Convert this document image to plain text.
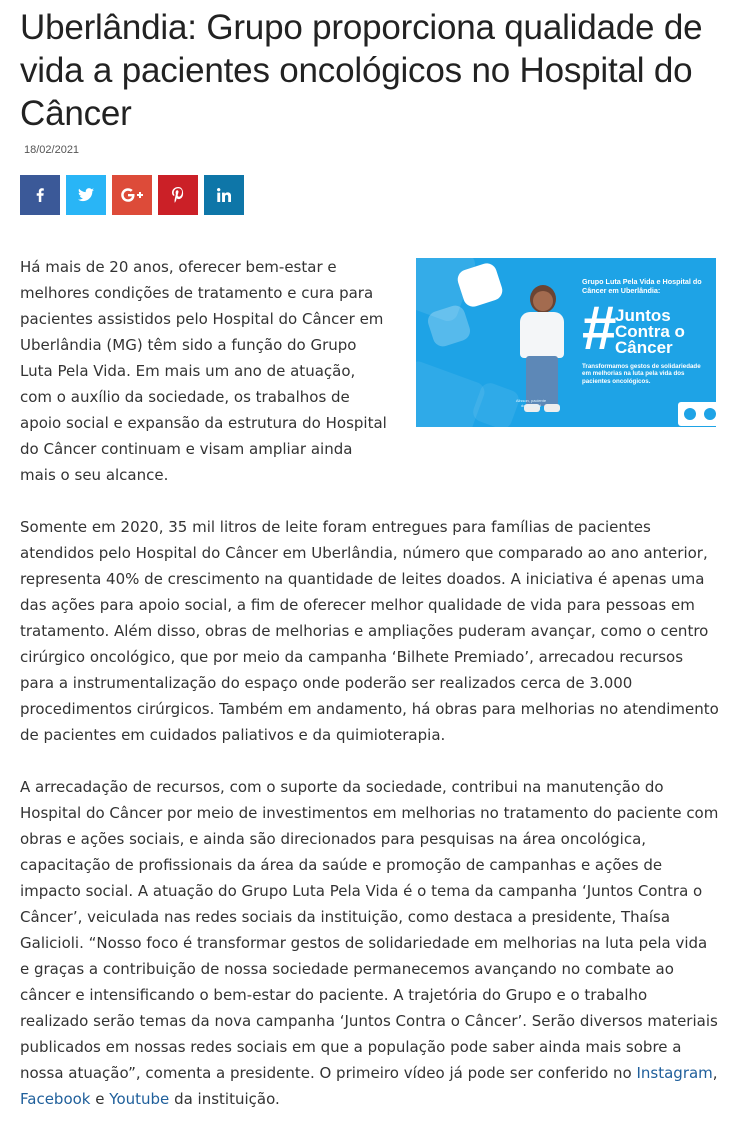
Uberlândia: Grupo proporciona qualidade de vida a pacientes oncológicos no Hospital do Câncer
18/02/2021
Alisson, paciente do Hospital
Grupo Luta Pela Vida e Hospital do Câncer em Uberlândia:
#
Juntos Contra o Câncer
Transformamos gestos de solidariedade em melhorias na luta pela vida dos pacientes oncológicos.

Há mais de 20 anos, oferecer bem-estar e melhores condições de tratamento e cura para pacientes assistidos pelo Hospital do Câncer em Uberlândia (MG) têm sido a função do Grupo Luta Pela Vida. Em mais um ano de atuação, com o auxílio da sociedade, os trabalhos de apoio social e expansão da estrutura do Hospital do Câncer continuam e visam ampliar ainda mais o seu alcance.

Somente em 2020, 35 mil litros de leite foram entregues para famílias de pacientes atendidos pelo Hospital do Câncer em Uberlândia, número que comparado ao ano anterior, representa 40% de crescimento na quantidade de leites doados. A iniciativa é apenas uma das ações para apoio social, a fim de oferecer melhor qualidade de vida para pessoas em tratamento. Além disso, obras de melhorias e ampliações puderam avançar, como o centro cirúrgico oncológico, que por meio da campanha ‘Bilhete Premiado’, arrecadou recursos para a instrumentalização do espaço onde poderão ser realizados cerca de 3.000 procedimentos cirúrgicos. Também em andamento, há obras para melhorias no atendimento de pacientes em cuidados paliativos e da quimioterapia.

A arrecadação de recursos, com o suporte da sociedade, contribui na manutenção do Hospital do Câncer por meio de investimentos em melhorias no tratamento do paciente com obras e ações sociais, e ainda são direcionados para pesquisas na área oncológica, capacitação de profissionais da área da saúde e promoção de campanhas e ações de impacto social. A atuação do Grupo Luta Pela Vida é o tema da campanha ‘Juntos Contra o Câncer’, veiculada nas redes sociais da instituição, como destaca a presidente, Thaísa Galicioli. “Nosso foco é transformar gestos de solidariedade em melhorias na luta pela vida e graças a contribuição de nossa sociedade permanecemos avançando no combate ao câncer e intensificando o bem-estar do paciente. A trajetória do Grupo e o trabalho realizado serão temas da nova campanha ‘Juntos Contra o Câncer’. Serão diversos materiais publicados em nossas redes sociais em que a população pode saber ainda mais sobre a nossa atuação”, comenta a presidente. O primeiro vídeo já pode ser conferido no Instagram, Facebook e Youtube da instituição.
